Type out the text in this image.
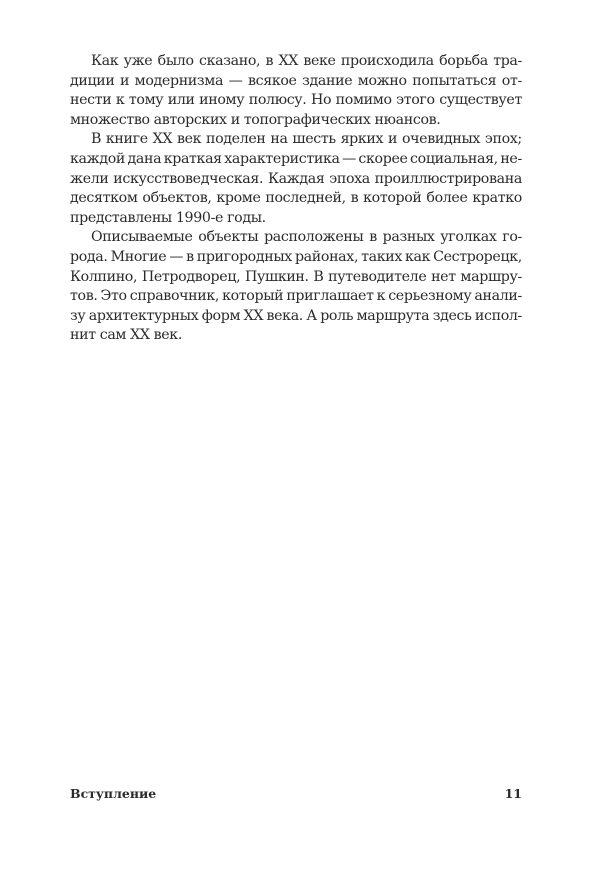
Как уже было сказано, в XX веке происходила борьба тра-
диции и модернизма — всякое здание можно попытаться от-
нести к тому или иному полюсу. Но помимо этого существует
множество авторских и топографических нюансов.
В книге XX век поделен на шесть ярких и очевидных эпох;
каждой дана краткая характеристика — скорее социальная, не-
жели искусствоведческая. Каждая эпоха проиллюстрирована
десятком объектов, кроме последней, в которой более кратко
представлены 1990-е годы.
Описываемые объекты расположены в разных уголках го-
рода. Многие — в пригородных районах, таких как Сестрорецк,
Колпино, Петродворец, Пушкин. В путеводителе нет маршру-
тов. Это справочник, который приглашает к серьезному анали-
зу архитектурных форм XX века. А роль маршрута здесь испол-
нит сам XX век.
Вступление	11
